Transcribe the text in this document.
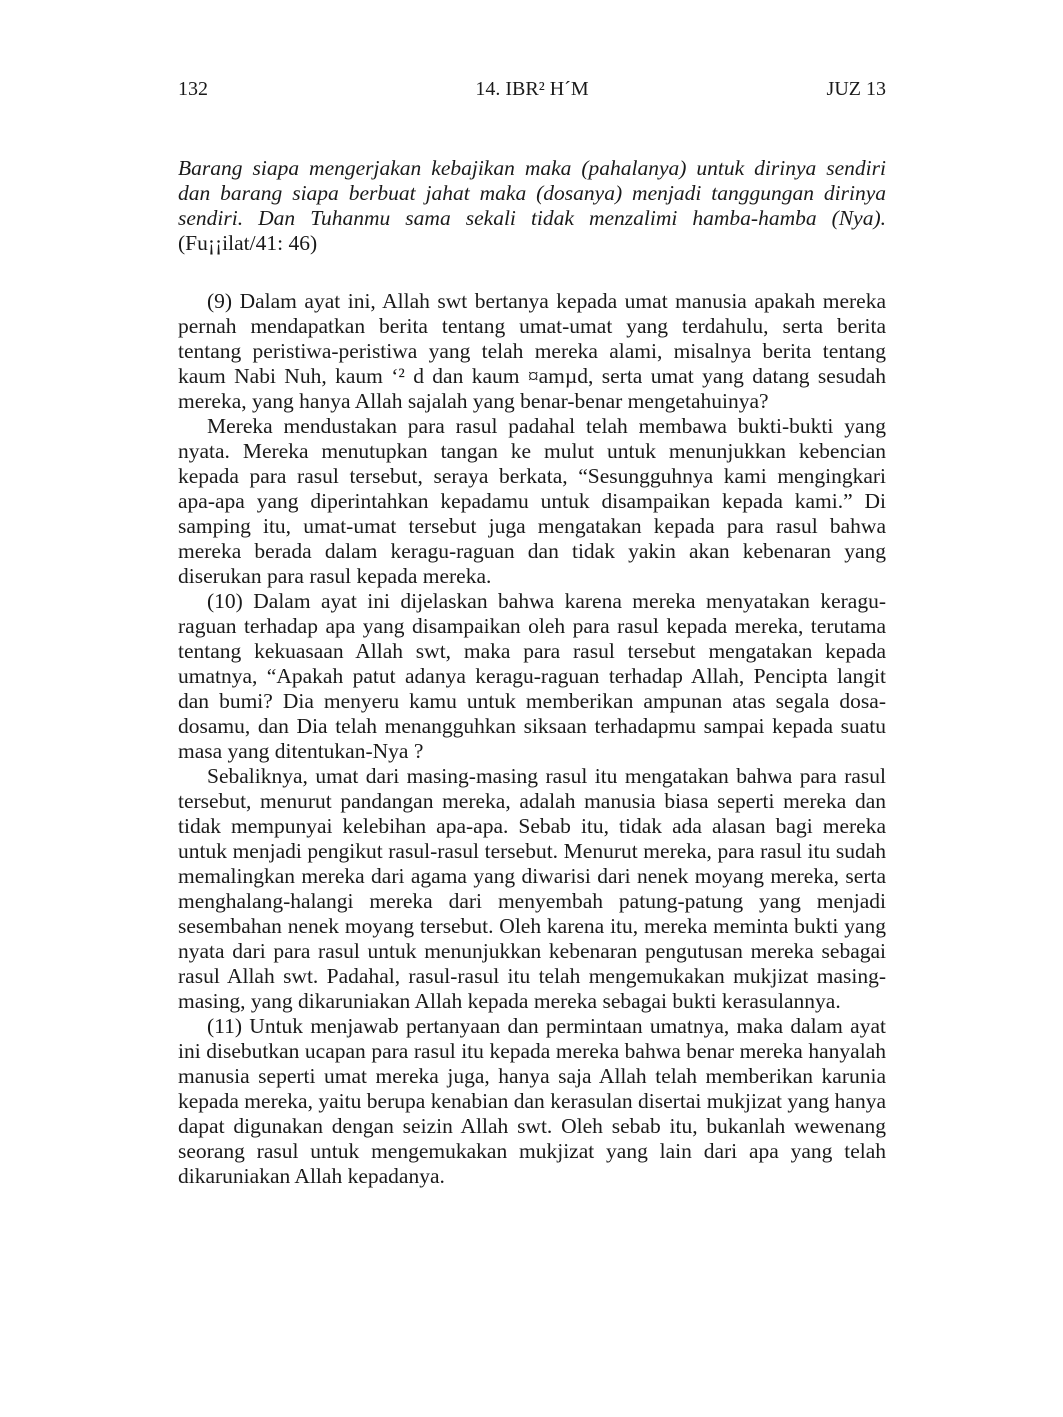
132	14. IBR² H´M	JUZ 13
Barang siapa mengerjakan kebajikan maka (pahalanya) untuk dirinya sendiri dan barang siapa berbuat jahat maka (dosanya) menjadi tanggungan dirinya sendiri. Dan Tuhanmu sama sekali tidak menzalimi hamba-hamba (Nya). (Fu¡¡ilat/41: 46)

(9) Dalam ayat ini, Allah swt bertanya kepada umat manusia apakah mereka pernah mendapatkan berita tentang umat-umat yang terdahulu, serta berita tentang peristiwa-peristiwa yang telah mereka alami, misalnya berita tentang kaum Nabi Nuh, kaum ‘² d dan kaum ¤amµd, serta umat yang datang sesudah mereka, yang hanya Allah sajalah yang benar-benar mengetahuinya?

Mereka mendustakan para rasul padahal telah membawa bukti-bukti yang nyata. Mereka menutupkan tangan ke mulut untuk menunjukkan kebencian kepada para rasul tersebut, seraya berkata, “Sesungguhnya kami mengingkari apa-apa yang diperintahkan kepadamu untuk disampaikan kepada kami.” Di samping itu, umat-umat tersebut juga mengatakan kepada para rasul bahwa mereka berada dalam keragu-raguan dan tidak yakin akan kebenaran yang diserukan para rasul kepada mereka.

(10) Dalam ayat ini dijelaskan bahwa karena mereka menyatakan keraguraguan terhadap apa yang disampaikan oleh para rasul kepada mereka, terutama tentang kekuasaan Allah swt, maka para rasul tersebut mengatakan kepada umatnya, “Apakah patut adanya keragu-raguan terhadap Allah, Pencipta langit dan bumi? Dia menyeru kamu untuk memberikan ampunan atas segala dosa-dosamu, dan Dia telah menangguhkan siksaan terhadapmu sampai kepada suatu masa yang ditentukan-Nya ?

Sebaliknya, umat dari masing-masing rasul itu mengatakan bahwa para rasul tersebut, menurut pandangan mereka, adalah manusia biasa seperti mereka dan tidak mempunyai kelebihan apa-apa. Sebab itu, tidak ada alasan bagi mereka untuk menjadi pengikut rasul-rasul tersebut. Menurut mereka, para rasul itu sudah memalingkan mereka dari agama yang diwarisi dari nenek moyang mereka, serta menghalang-halangi mereka dari menyembah patung-patung yang menjadi sesembahan nenek moyang tersebut. Oleh karena itu, mereka meminta bukti yang nyata dari para rasul untuk menunjukkan kebenaran pengutusan mereka sebagai rasul Allah swt. Padahal, rasul-rasul itu telah mengemukakan mukjizat masing-masing, yang dikaruniakan Allah kepada mereka sebagai bukti kerasulannya.

(11) Untuk menjawab pertanyaan dan permintaan umatnya, maka dalam ayat ini disebutkan ucapan para rasul itu kepada mereka bahwa benar mereka hanyalah manusia seperti umat mereka juga, hanya saja Allah telah memberikan karunia kepada mereka, yaitu berupa kenabian dan kerasulan disertai mukjizat yang hanya dapat digunakan dengan seizin Allah swt. Oleh sebab itu, bukanlah wewenang seorang rasul untuk mengemukakan mukjizat yang lain dari apa yang telah dikaruniakan Allah kepadanya.
